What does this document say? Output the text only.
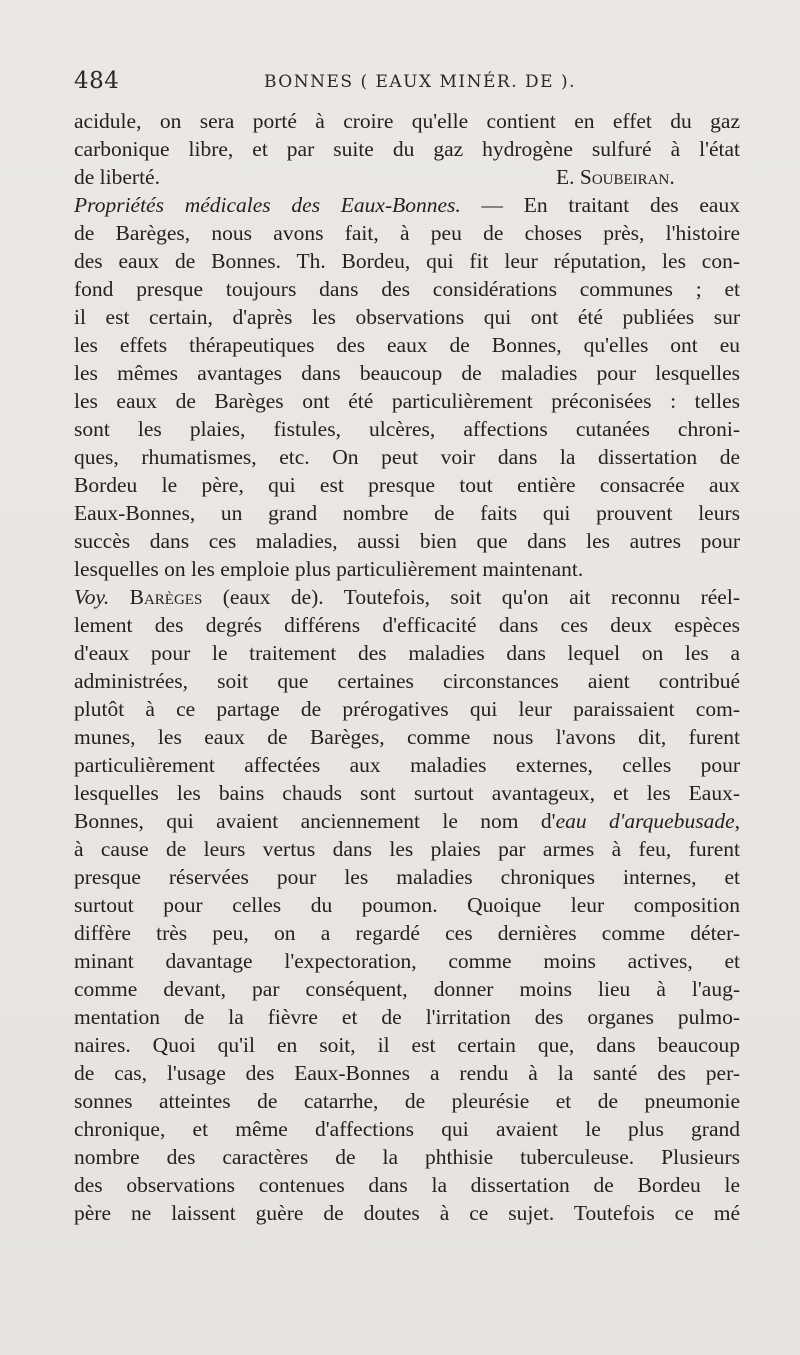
484	BONNES ( EAUX MINÉR. DE ).
acidule, on sera porté à croire qu'elle contient en effet du gaz
carbonique libre, et par suite du gaz hydrogène sulfuré à l'état
de liberté.	E. Soubeiran.
Propriétés médicales des Eaux-Bonnes. — En traitant des eaux
de Barèges, nous avons fait, à peu de choses près, l'histoire
des eaux de Bonnes. Th. Bordeu, qui fit leur réputation, les con-
fond presque toujours dans des considérations communes ; et
il est certain, d'après les observations qui ont été publiées sur
les effets thérapeutiques des eaux de Bonnes, qu'elles ont eu
les mêmes avantages dans beaucoup de maladies pour lesquelles
les eaux de Barèges ont été particulièrement préconisées : telles
sont les plaies, fistules, ulcères, affections cutanées chroni-
ques, rhumatismes, etc. On peut voir dans la dissertation de
Bordeu le père, qui est presque tout entière consacrée aux
Eaux-Bonnes, un grand nombre de faits qui prouvent leurs
succès dans ces maladies, aussi bien que dans les autres pour
lesquelles on les emploie plus particulièrement maintenant.
Voy. Barèges (eaux de). Toutefois, soit qu'on ait reconnu réel-
lement des degrés différens d'efficacité dans ces deux espèces
d'eaux pour le traitement des maladies dans lequel on les a
administrées, soit que certaines circonstances aient contribué
plutôt à ce partage de prérogatives qui leur paraissaient com-
munes, les eaux de Barèges, comme nous l'avons dit, furent
particulièrement affectées aux maladies externes, celles pour
lesquelles les bains chauds sont surtout avantageux, et les Eaux-
Bonnes, qui avaient anciennement le nom d'eau d'arquebusade,
à cause de leurs vertus dans les plaies par armes à feu, furent
presque réservées pour les maladies chroniques internes, et
surtout pour celles du poumon. Quoique leur composition
diffère très peu, on a regardé ces dernières comme déter-
minant davantage l'expectoration, comme moins actives, et
comme devant, par conséquent, donner moins lieu à l'aug-
mentation de la fièvre et de l'irritation des organes pulmo-
naires. Quoi qu'il en soit, il est certain que, dans beaucoup
de cas, l'usage des Eaux-Bonnes a rendu à la santé des per-
sonnes atteintes de catarrhe, de pleurésie et de pneumonie
chronique, et même d'affections qui avaient le plus grand
nombre des caractères de la phthisie tuberculeuse. Plusieurs
des observations contenues dans la dissertation de Bordeu le
père ne laissent guère de doutes à ce sujet. Toutefois ce mé
